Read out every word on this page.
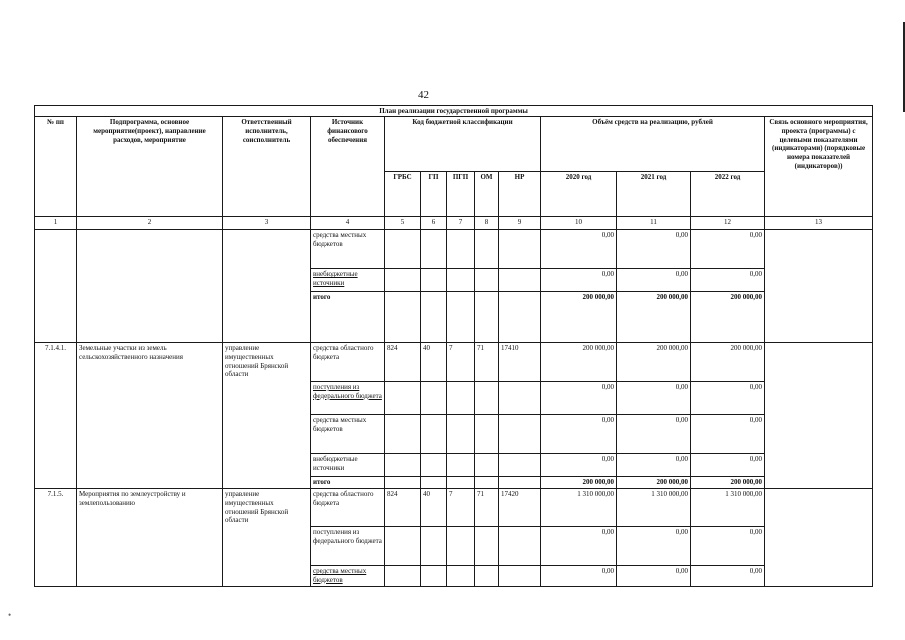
42
План реализации государственной программы												
№ пп	Подпрограмма, основное мероприятие(проект), направление расходов, мероприятие	Ответственный исполнитель, соисполнитель	Источник финансового обеспечения	Код бюджетной классификации					Объём средств на реализацию, рублей			Связь основного мероприятия, проекта (программы) с целевыми показателями (индикаторами) (порядковые номера показателей (индикаторов))
				ГРБС	ГП	ПГП	ОМ	НР	2020 год	2021 год	2022 год	
1	2	3	4	5	6	7	8	9	10	11	12	13
			средства местных бюджетов						0,00	0,00	0,00	
			внебюджетные источники						0,00	0,00	0,00	
			итого						200 000,00	200 000,00	200 000,00	
7.1.4.1.	Земельные участки из земель сельскохозяйственного назначения	управление имущественных отношений Брянской области	средства областного бюджета	824	40	7	71	17410	200 000,00	200 000,00	200 000,00	
			поступления из федерального бюджета						0,00	0,00	0,00	
			средства местных бюджетов						0,00	0,00	0,00	
			внебюджетные источники						0,00	0,00	0,00	
			итого						200 000,00	200 000,00	200 000,00	
7.1.5.	Мероприятия по землеустройству и землепользованию	управление имущественных отношений Брянской области	средства областного бюджета	824	40	7	71	17420	1 310 000,00	1 310 000,00	1 310 000,00	
			поступления из федерального бюджета						0,00	0,00	0,00	
			средства местных бюджетов						0,00	0,00	0,00	
•
